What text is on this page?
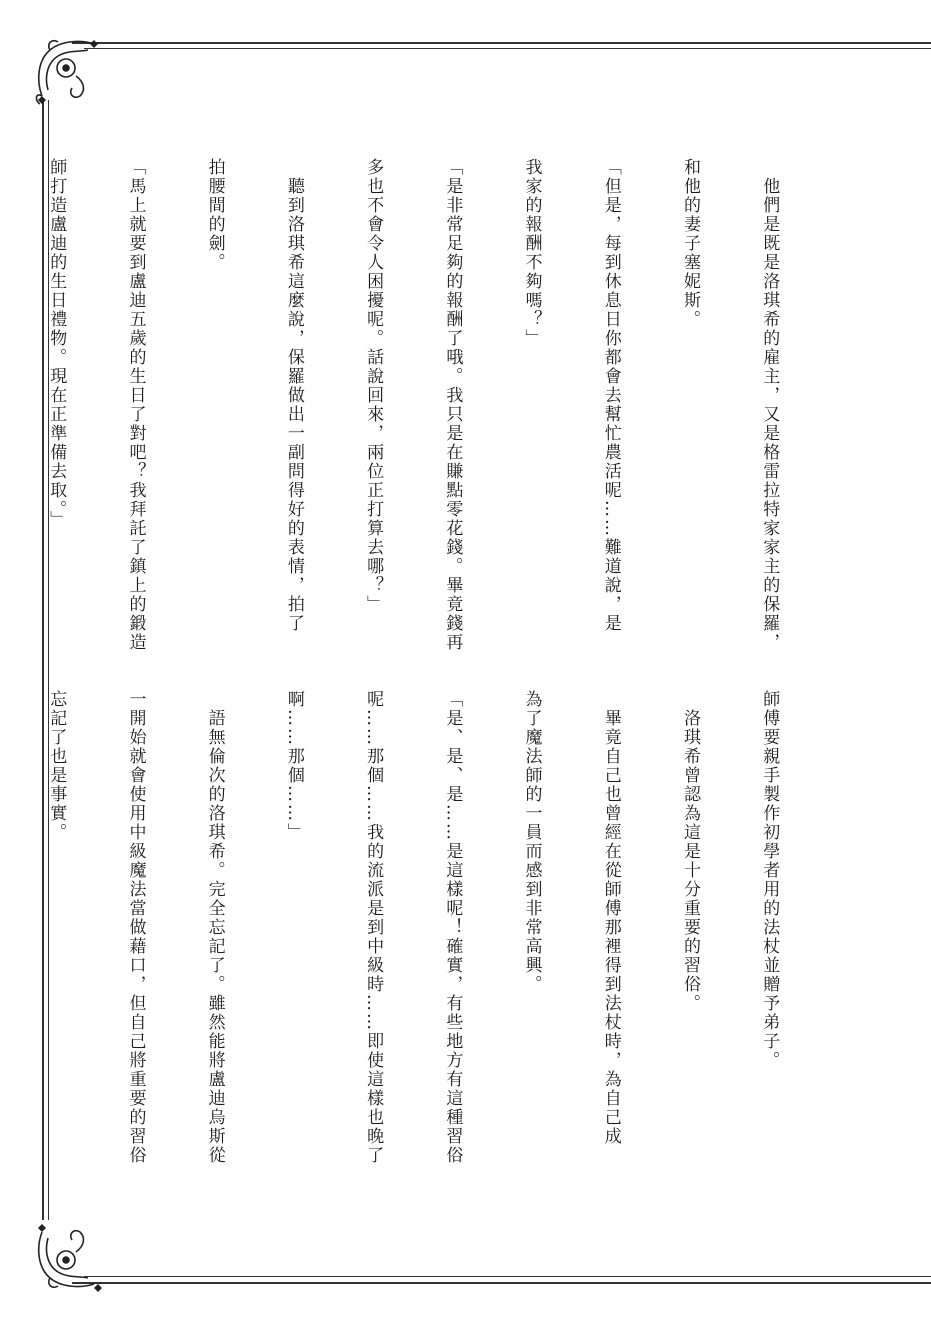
　他們是既是洛琪希的雇主，又是格雷拉特家家主的保羅，

和他的妻子塞妮斯。

「但是，每到休息日你都會去幫忙農活呢……難道說，是

我家的報酬不夠嗎？」

「是非常足夠的報酬了哦。我只是在賺點零花錢。畢竟錢再

多也不會令人困擾呢。話說回來，兩位正打算去哪？」

　聽到洛琪希這麼說，保羅做出一副問得好的表情，拍了

拍腰間的劍。

「馬上就要到盧迪五歲的生日了對吧？我拜託了鎮上的鍛造

師打造盧迪的生日禮物。現在正準備去取。」

師傅要親手製作初學者用的法杖並贈予弟子。

　洛琪希曾認為這是十分重要的習俗。

　畢竟自己也曾經在從師傅那裡得到法杖時，為自己成

為了魔法師的一員而感到非常高興。

「是、是、是……是這樣呢！確實，有些地方有這種習俗

呢……那個……我的流派是到中級時……即使這樣也晚了

啊……那個……」

　語無倫次的洛琪希。完全忘記了。雖然能將盧迪烏斯從

一開始就會使用中級魔法當做藉口，但自己將重要的習俗

忘記了也是事實。
